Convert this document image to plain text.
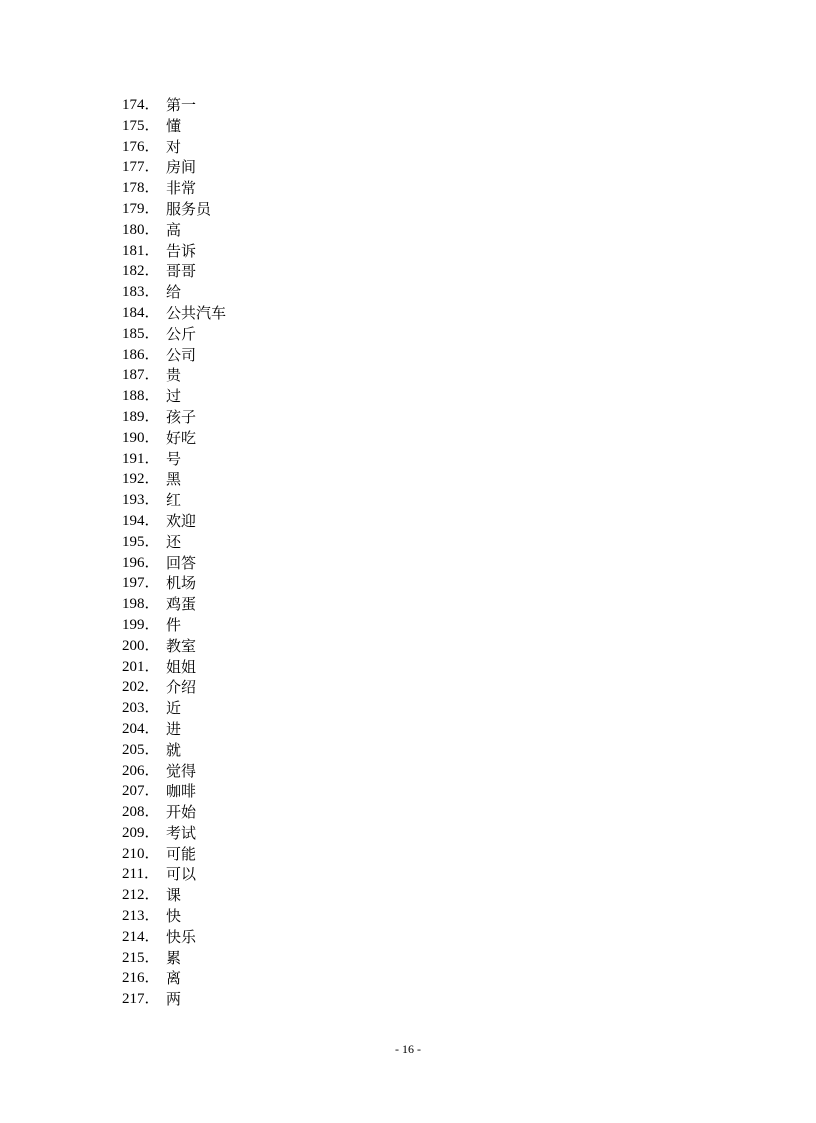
174． 第一
175． 懂
176． 对
177． 房间
178． 非常
179． 服务员
180． 高
181． 告诉
182． 哥哥
183． 给
184． 公共汽车
185． 公斤
186． 公司
187． 贵
188． 过
189． 孩子
190． 好吃
191． 号
192． 黑
193． 红
194． 欢迎
195． 还
196． 回答
197． 机场
198． 鸡蛋
199． 件
200． 教室
201． 姐姐
202． 介绍
203． 近
204． 进
205． 就
206． 觉得
207． 咖啡
208． 开始
209． 考试
210． 可能
211． 可以
212． 课
213． 快
214． 快乐
215． 累
216． 离
217． 两
- 16 -
